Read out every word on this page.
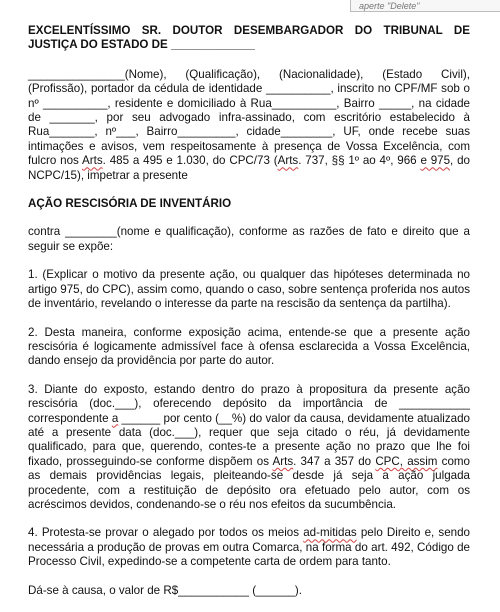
aperte "Delete"
EXCELENTÍSSIMO SR. DOUTOR DESEMBARGADOR DO TRIBUNAL DE JUSTIÇA DO ESTADO DE _____________
_______________(Nome), (Qualificação), (Nacionalidade), (Estado Civil), (Profissão), portador da cédula de identidade __________, inscrito no CPF/MF sob o nº __________, residente e domiciliado à Rua__________, Bairro _____, na cidade de _______, por seu advogado infra-assinado, com escritório estabelecido à Rua_______, nº___, Bairro_________, cidade________, UF, onde recebe suas intimações e avisos, vem respeitosamente à presença de Vossa Excelência, com fulcro nos Arts. 485 a 495 e 1.030, do CPC/73 (Arts. 737, §§ 1º ao 4º, 966 e 975, do NCPC/15), impetrar a presente
AÇÃO RESCISÓRIA DE INVENTÁRIO
contra ________(nome e qualificação), conforme as razões de fato e direito que a seguir se expõe:
1. (Explicar o motivo da presente ação, ou qualquer das hipóteses determinada no artigo 975, do CPC), assim como, quando o caso, sobre sentença proferida nos autos de inventário, revelando o interesse da parte na rescisão da sentença da partilha).
2. Desta maneira, conforme exposição acima, entende-se que a presente ação rescisória é logicamente admissível face à ofensa esclarecida a Vossa Excelência, dando ensejo da providência por parte do autor.
3. Diante do exposto, estando dentro do prazo à propositura da presente ação rescisória (doc.___), oferecendo depósito da importância de ___________ correspondente a ______ por cento (__%) do valor da causa, devidamente atualizado até a presente data (doc.___), requer que seja citado o réu, já devidamente qualificado, para que, querendo, contes-te a presente ação no prazo que lhe foi fixado, prosseguindo-se conforme dispõem os Arts. 347 a 357 do CPC, assim como as demais providências legais, pleiteando-se desde já seja a ação julgada procedente, com a restituição de depósito ora efetuado pelo autor, com os acréscimos devidos, condenando-se o réu nos efeitos da sucumbência.
4. Protesta-se provar o alegado por todos os meios ad-mitidas pelo Direito e, sendo necessária a produção de provas em outra Comarca, na forma do art. 492, Código de Processo Civil, expedindo-se a competente carta de ordem para tanto.
Dá-se à causa, o valor de R$___________ (______).
